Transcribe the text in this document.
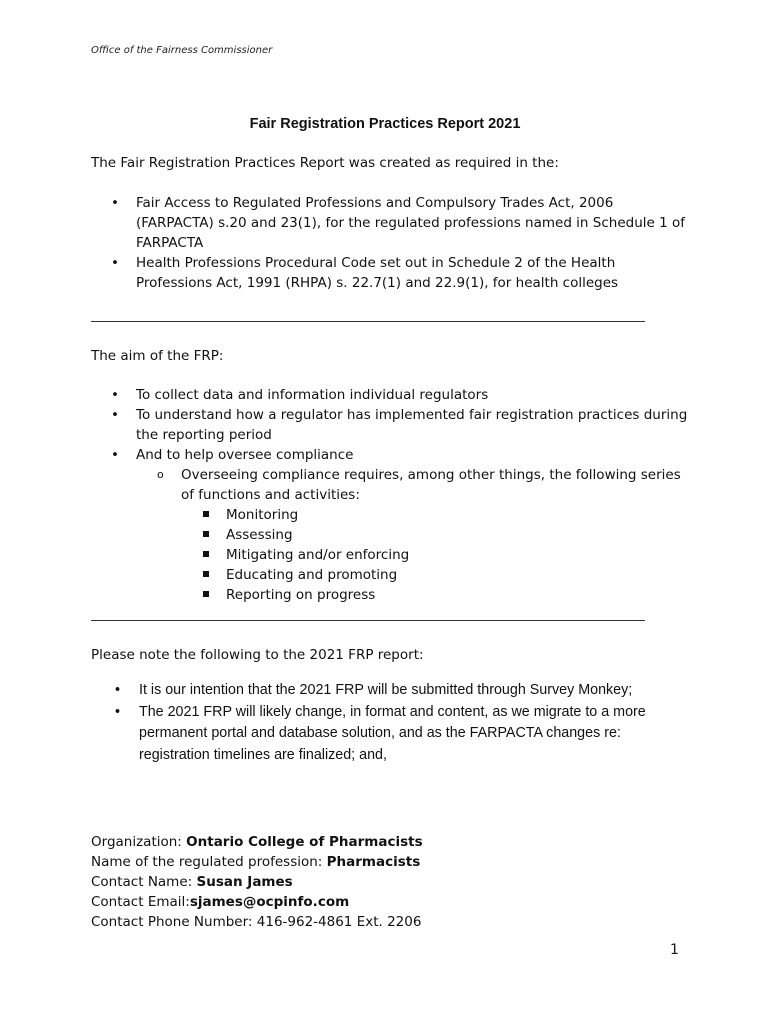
Office of the Fairness Commissioner
Fair Registration Practices Report 2021
The Fair Registration Practices Report was created as required in the:
• Fair Access to Regulated Professions and Compulsory Trades Act, 2006 (FARPACTA) s.20 and 23(1), for the regulated professions named in Schedule 1 of FARPACTA
• Health Professions Procedural Code set out in Schedule 2 of the Health Professions Act, 1991 (RHPA) s. 22.7(1) and 22.9(1), for health colleges
The aim of the FRP:
• To collect data and information individual regulators
• To understand how a regulator has implemented fair registration practices during the reporting period
• And to help oversee compliance
o Overseeing compliance requires, among other things, the following series of functions and activities:
Monitoring
Assessing
Mitigating and/or enforcing
Educating and promoting
Reporting on progress
Please note the following to the 2021 FRP report:
• It is our intention that the 2021 FRP will be submitted through Survey Monkey;
• The 2021 FRP will likely change, in format and content, as we migrate to a more permanent portal and database solution, and as the FARPACTA changes re: registration timelines are finalized; and,
Organization: Ontario College of Pharmacists
Name of the regulated profession: Pharmacists
Contact Name: Susan James
Contact Email:sjames@ocpinfo.com
Contact Phone Number: 416-962-4861 Ext. 2206
1
